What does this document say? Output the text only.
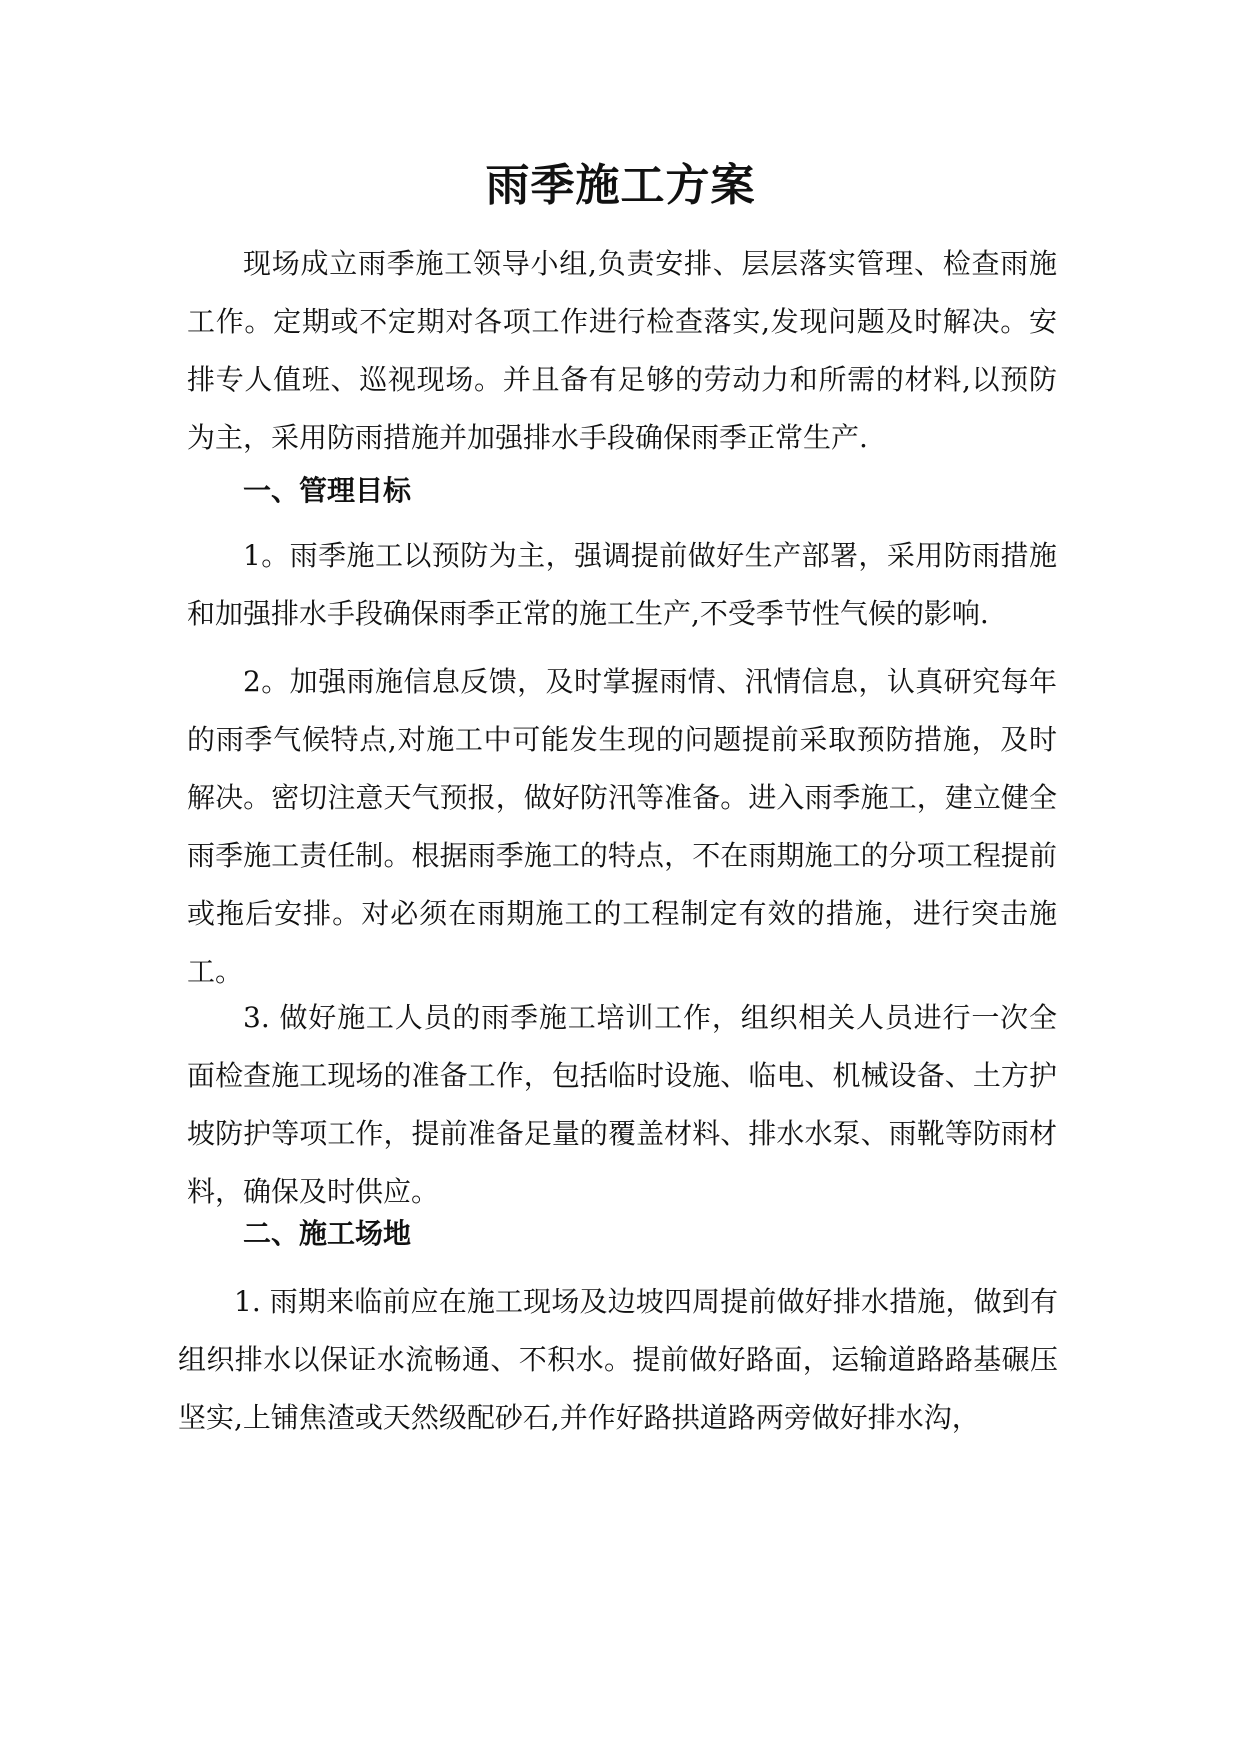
雨季施工方案

现场成立雨季施工领导小组,负责安排、层层落实管理、检查雨施工作。定期或不定期对各项工作进行检查落实,发现问题及时解决。安排专人值班、巡视现场。并且备有足够的劳动力和所需的材料,以预防为主，采用防雨措施并加强排水手段确保雨季正常生产.

一、管理目标

1。雨季施工以预防为主，强调提前做好生产部署，采用防雨措施和加强排水手段确保雨季正常的施工生产,不受季节性气候的影响.

2。加强雨施信息反馈，及时掌握雨情、汛情信息，认真研究每年的雨季气候特点,对施工中可能发生现的问题提前采取预防措施，及时解决。密切注意天气预报，做好防汛等准备。进入雨季施工，建立健全雨季施工责任制。根据雨季施工的特点，不在雨期施工的分项工程提前或拖后安排。对必须在雨期施工的工程制定有效的措施，进行突击施工。

3. 做好施工人员的雨季施工培训工作，组织相关人员进行一次全面检查施工现场的准备工作，包括临时设施、临电、机械设备、土方护坡防护等项工作，提前准备足量的覆盖材料、排水水泵、雨靴等防雨材料，确保及时供应。

二、施工场地

1. 雨期来临前应在施工现场及边坡四周提前做好排水措施，做到有组织排水以保证水流畅通、不积水。提前做好路面，运输道路路基碾压坚实,上铺焦渣或天然级配砂石,并作好路拱道路两旁做好排水沟，
